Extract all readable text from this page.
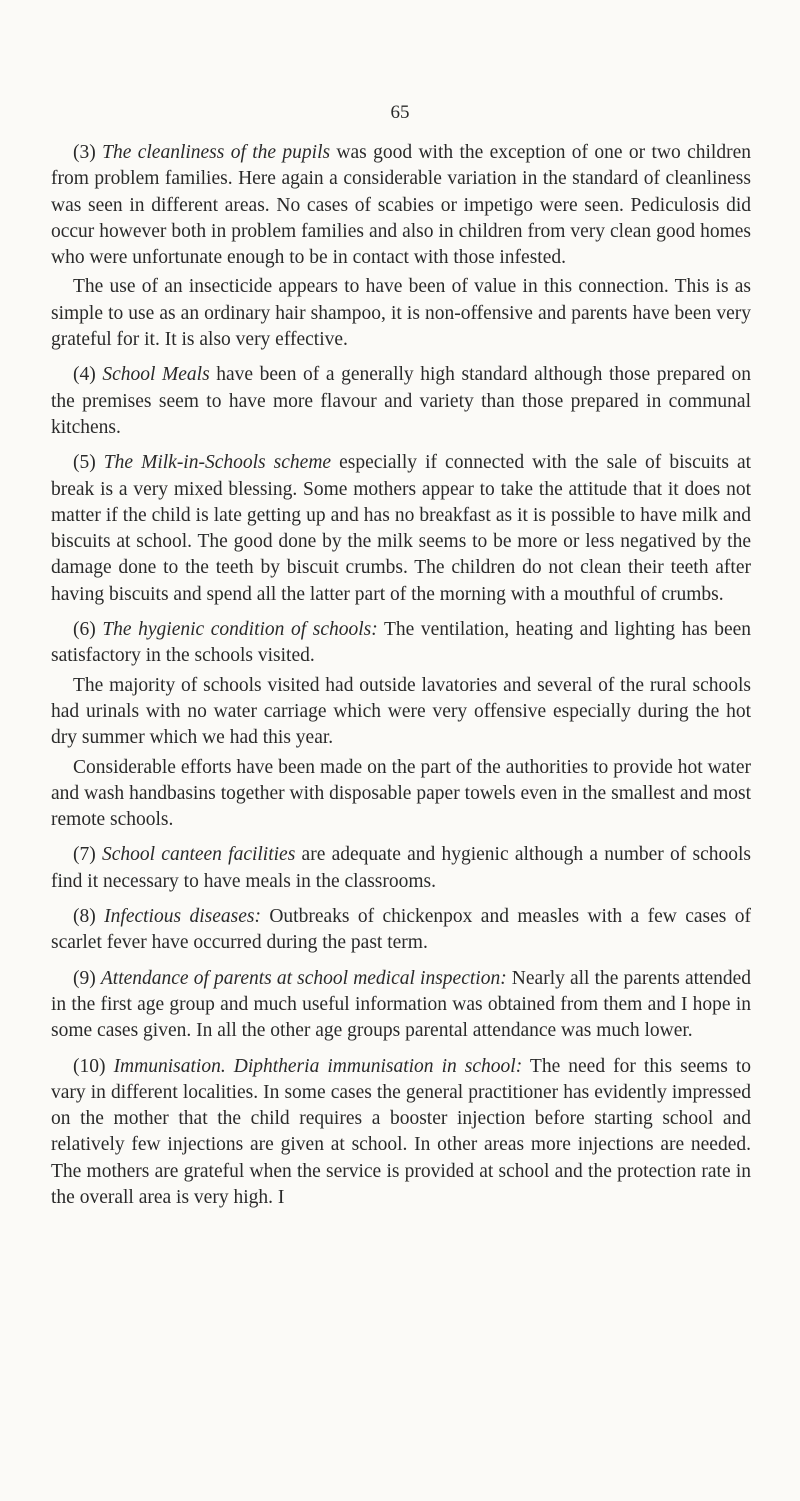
65

(3) The cleanliness of the pupils was good with the exception of one or two children from problem families. Here again a considerable variation in the standard of cleanliness was seen in different areas. No cases of scabies or impetigo were seen. Pediculosis did occur however both in problem families and also in children from very clean good homes who were unfortunate enough to be in contact with those infested.

The use of an insecticide appears to have been of value in this connection. This is as simple to use as an ordinary hair shampoo, it is non-offensive and parents have been very grateful for it. It is also very effective.

(4) School Meals have been of a generally high standard although those prepared on the premises seem to have more flavour and variety than those prepared in communal kitchens.

(5) The Milk-in-Schools scheme especially if connected with the sale of biscuits at break is a very mixed blessing. Some mothers appear to take the attitude that it does not matter if the child is late getting up and has no breakfast as it is possible to have milk and biscuits at school. The good done by the milk seems to be more or less negatived by the damage done to the teeth by biscuit crumbs. The children do not clean their teeth after having biscuits and spend all the latter part of the morning with a mouthful of crumbs.

(6) The hygienic condition of schools: The ventilation, heating and lighting has been satisfactory in the schools visited.

The majority of schools visited had outside lavatories and several of the rural schools had urinals with no water carriage which were very offensive especially during the hot dry summer which we had this year.

Considerable efforts have been made on the part of the authorities to provide hot water and wash handbasins together with disposable paper towels even in the smallest and most remote schools.

(7) School canteen facilities are adequate and hygienic although a number of schools find it necessary to have meals in the classrooms.

(8) Infectious diseases: Outbreaks of chickenpox and measles with a few cases of scarlet fever have occurred during the past term.

(9) Attendance of parents at school medical inspection: Nearly all the parents attended in the first age group and much useful information was obtained from them and I hope in some cases given. In all the other age groups parental attendance was much lower.

(10) Immunisation. Diphtheria immunisation in school: The need for this seems to vary in different localities. In some cases the general practitioner has evidently impressed on the mother that the child requires a booster injection before starting school and relatively few injections are given at school. In other areas more injections are needed. The mothers are grateful when the service is provided at school and the protection rate in the overall area is very high. I
